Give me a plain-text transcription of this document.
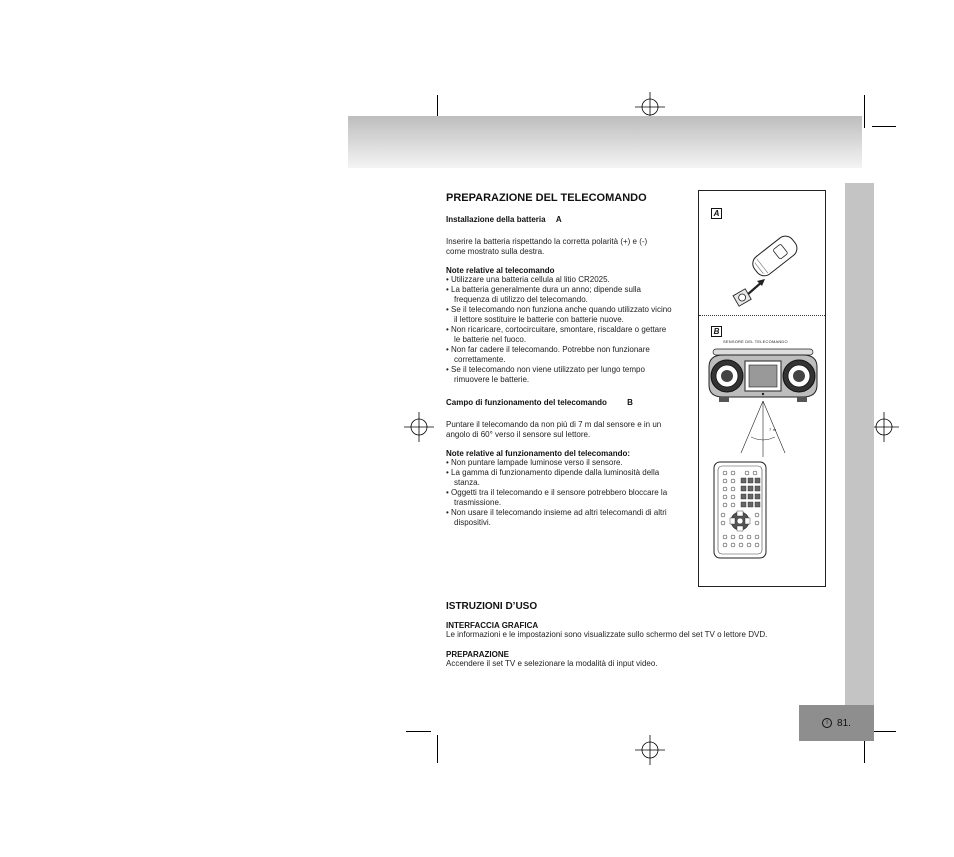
PREPARAZIONE DEL TELECOMANDO
Installazione della batteria A
Inserire la batteria rispettando la corretta polarità (+) e (-) come mostrato sulla destra.
Note relative al telecomando
• Utilizzare una batteria cellula al litio CR2025.
• La batteria generalmente dura un anno; dipende sulla frequenza di utilizzo del telecomando.
• Se il telecomando non funziona anche quando utilizzato vicino il lettore sostituire le batterie con batterie nuove.
• Non ricaricare, cortocircuitare, smontare, riscaldare o gettare le batterie nel fuoco.
• Non far cadere il telecomando. Potrebbe non funzionare correttamente.
• Se il telecomando non viene utilizzato per lungo tempo rimuovere le batterie.
Campo di funzionamento del telecomando	B
Puntare il telecomando da non più di 7 m dal sensore e in un angolo di 60° verso il sensore sul lettore.
Note relative al funzionamento del telecomando:
• Non puntare lampade luminose verso il sensore.
• La gamma di funzionamento dipende dalla luminosità della stanza.
• Oggetti tra il telecomando e il sensore potrebbero bloccare la trasmissione.
• Non usare il telecomando insieme ad altri telecomandi di altri dispositivi.
ISTRUZIONI D’USO
INTERFACCIA GRAFICA
Le informazioni e le impostazioni sono visualizzate sullo schermo del set TV o lettore DVD.
PREPARAZIONE
Accendere il set TV e selezionare la modalità di input video.
A
B
SENSORE DEL TELECOMANDO
7 m
I 81.
